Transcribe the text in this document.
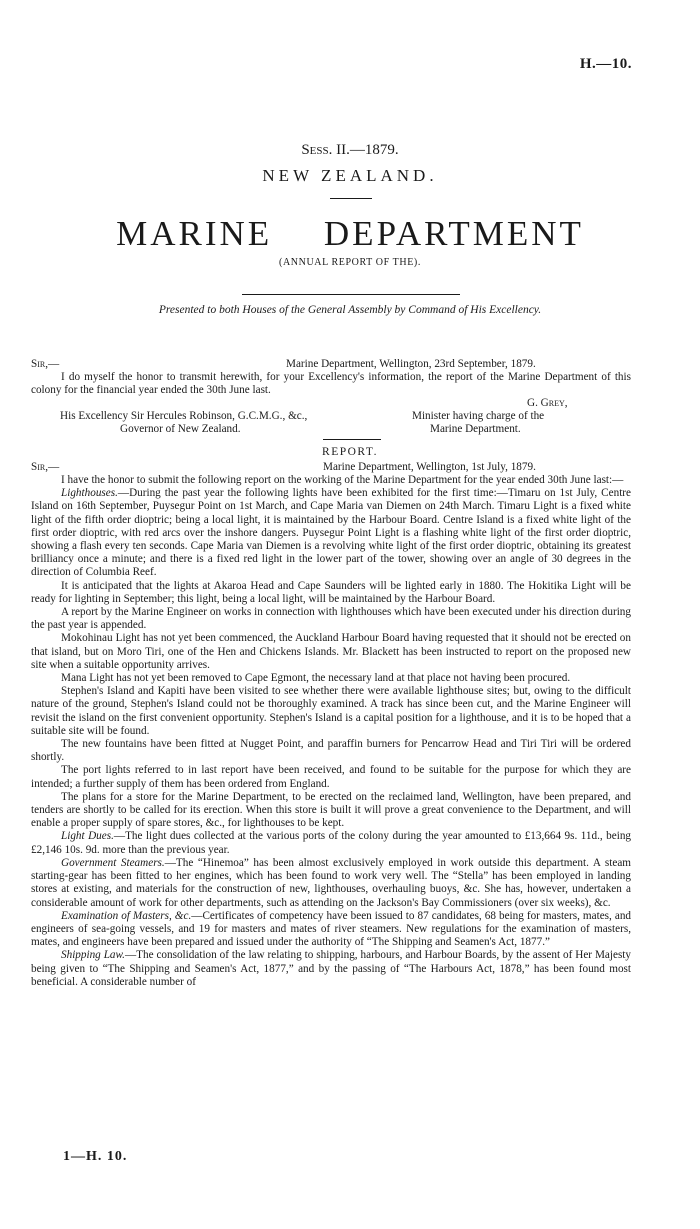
H.—10.
Sess. II.—1879.
NEW ZEALAND.
MARINE DEPARTMENT
(ANNUAL REPORT OF THE).
Presented to both Houses of the General Assembly by Command of His Excellency.
Sir,—	Marine Department, Wellington, 23rd September, 1879.

I do myself the honor to transmit herewith, for your Excellency's information, the report of the Marine Department of this colony for the financial year ended the 30th June last.

G. Grey,
His Excellency Sir Hercules Robinson, G.C.M.G., &c.,	Minister having charge of the
Governor of New Zealand.	Marine Department.
REPORT.
Sir,—	Marine Department, Wellington, 1st July, 1879.

I have the honor to submit the following report on the working of the Marine Department for the year ended 30th June last:—

Lighthouses.—During the past year the following lights have been exhibited for the first time:—Timaru on 1st July, Centre Island on 16th September, Puysegur Point on 1st March, and Cape Maria van Diemen on 24th March. Timaru Light is a fixed white light of the fifth order dioptric; being a local light, it is maintained by the Harbour Board. Centre Island is a fixed white light of the first order dioptric, with red arcs over the inshore dangers. Puysegur Point Light is a flashing white light of the first order dioptric, showing a flash every ten seconds. Cape Maria van Diemen is a revolving white light of the first order dioptric, obtaining its greatest brilliancy once a minute; and there is a fixed red light in the lower part of the tower, showing over an angle of 30 degrees in the direction of Columbia Reef.

It is anticipated that the lights at Akaroa Head and Cape Saunders will be lighted early in 1880. The Hokitika Light will be ready for lighting in September; this light, being a local light, will be maintained by the Harbour Board.

A report by the Marine Engineer on works in connection with lighthouses which have been executed under his direction during the past year is appended.

Mokohinau Light has not yet been commenced, the Auckland Harbour Board having requested that it should not be erected on that island, but on Moro Tiri, one of the Hen and Chickens Islands. Mr. Blackett has been instructed to report on the proposed new site when a suitable opportunity arrives.

Mana Light has not yet been removed to Cape Egmont, the necessary land at that place not having been procured.

Stephen's Island and Kapiti have been visited to see whether there were available lighthouse sites; but, owing to the difficult nature of the ground, Stephen's Island could not be thoroughly examined. A track has since been cut, and the Marine Engineer will revisit the island on the first convenient opportunity. Stephen's Island is a capital position for a lighthouse, and it is to be hoped that a suitable site will be found.

The new fountains have been fitted at Nugget Point, and paraffin burners for Pencarrow Head and Tiri Tiri will be ordered shortly.

The port lights referred to in last report have been received, and found to be suitable for the purpose for which they are intended; a further supply of them has been ordered from England.

The plans for a store for the Marine Department, to be erected on the reclaimed land, Wellington, have been prepared, and tenders are shortly to be called for its erection. When this store is built it will prove a great convenience to the Department, and will enable a proper supply of spare stores, &c., for lighthouses to be kept.

Light Dues.—The light dues collected at the various ports of the colony during the year amounted to £13,664 9s. 11d., being £2,146 10s. 9d. more than the previous year.

Government Steamers.—The “Hinemoa” has been almost exclusively employed in work outside this department. A steam starting-gear has been fitted to her engines, which has been found to work very well. The “Stella” has been employed in landing stores at existing, and materials for the construction of new, lighthouses, overhauling buoys, &c. She has, however, undertaken a considerable amount of work for other departments, such as attending on the Jackson's Bay Commissioners (over six weeks), &c.

Examination of Masters, &c.—Certificates of competency have been issued to 87 candidates, 68 being for masters, mates, and engineers of sea-going vessels, and 19 for masters and mates of river steamers. New regulations for the examination of masters, mates, and engineers have been prepared and issued under the authority of “The Shipping and Seamen's Act, 1877.”

Shipping Law.—The consolidation of the law relating to shipping, harbours, and Harbour Boards, by the assent of Her Majesty being given to “The Shipping and Seamen's Act, 1877,” and by the passing of “The Harbours Act, 1878,” has been found most beneficial. A considerable number of

1—H. 10.
